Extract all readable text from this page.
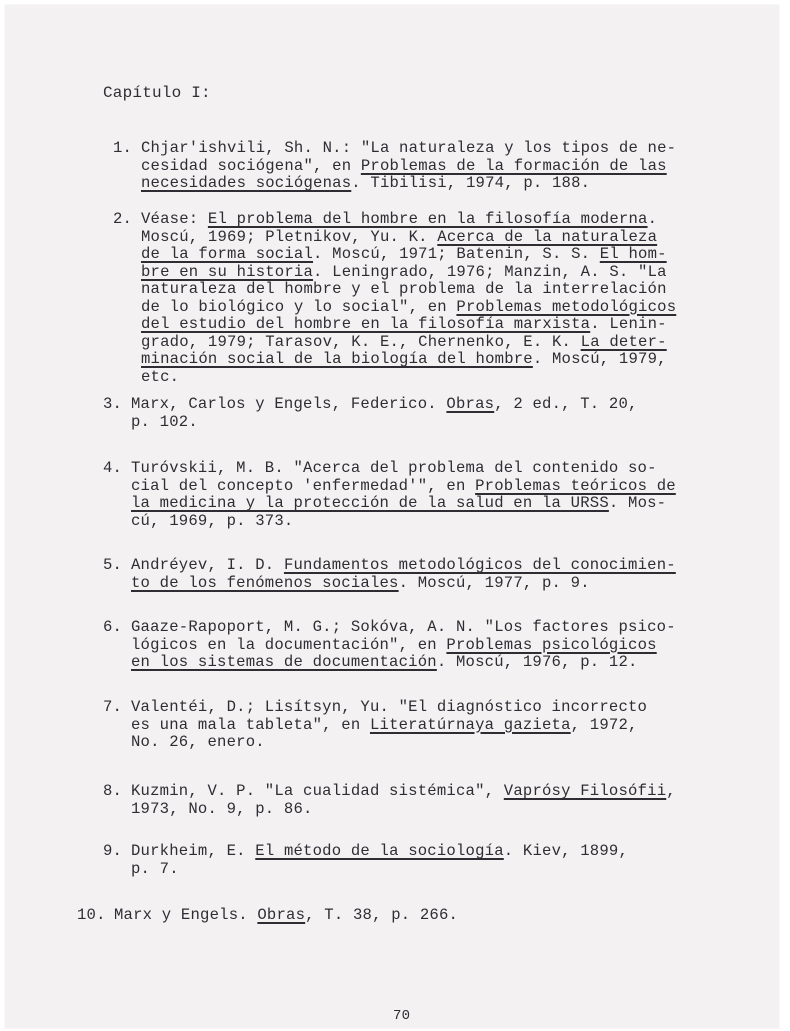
Capítulo I:
1. Chjar'ishvili, Sh. N.: "La naturaleza y los tipos de ne-
cesidad sociógena", en Problemas de la formación de las
necesidades sociógenas. Tibilisi, 1974, p. 188.
2. Véase: El problema del hombre en la filosofía moderna.
Moscú, 1969; Pletnikov, Yu. K. Acerca de la naturaleza
de la forma social. Moscú, 1971; Batenin, S. S. El hom-
bre en su historia. Leningrado, 1976; Manzin, A. S. "La
naturaleza del hombre y el problema de la interrelación
de lo biológico y lo social", en Problemas metodológicos
del estudio del hombre en la filosofía marxista. Lenin-
grado, 1979; Tarasov, K. E., Chernenko, E. K. La deter-
minación social de la biología del hombre. Moscú, 1979,
etc.
3. Marx, Carlos y Engels, Federico. Obras, 2 ed., T. 20,
p. 102.
4. Turóvskii, M. B. "Acerca del problema del contenido so-
cial del concepto 'enfermedad'", en Problemas teóricos de
la medicina y la protección de la salud en la URSS. Mos-
cú, 1969, p. 373.
5. Andréyev, I. D. Fundamentos metodológicos del conocimien-
to de los fenómenos sociales. Moscú, 1977, p. 9.
6. Gaaze-Rapoport, M. G.; Sokóva, A. N. "Los factores psico-
lógicos en la documentación", en Problemas psicológicos
en los sistemas de documentación. Moscú, 1976, p. 12.
7. Valentéi, D.; Lisítsyn, Yu. "El diagnóstico incorrecto
es una mala tableta", en Literatúrnaya gazieta, 1972,
No. 26, enero.
8. Kuzmin, V. P. "La cualidad sistémica", Vaprósy Filosófii,
1973, No. 9, p. 86.
9. Durkheim, E. El método de la sociología. Kiev, 1899,
p. 7.
10. Marx y Engels. Obras, T. 38, p. 266.
70
